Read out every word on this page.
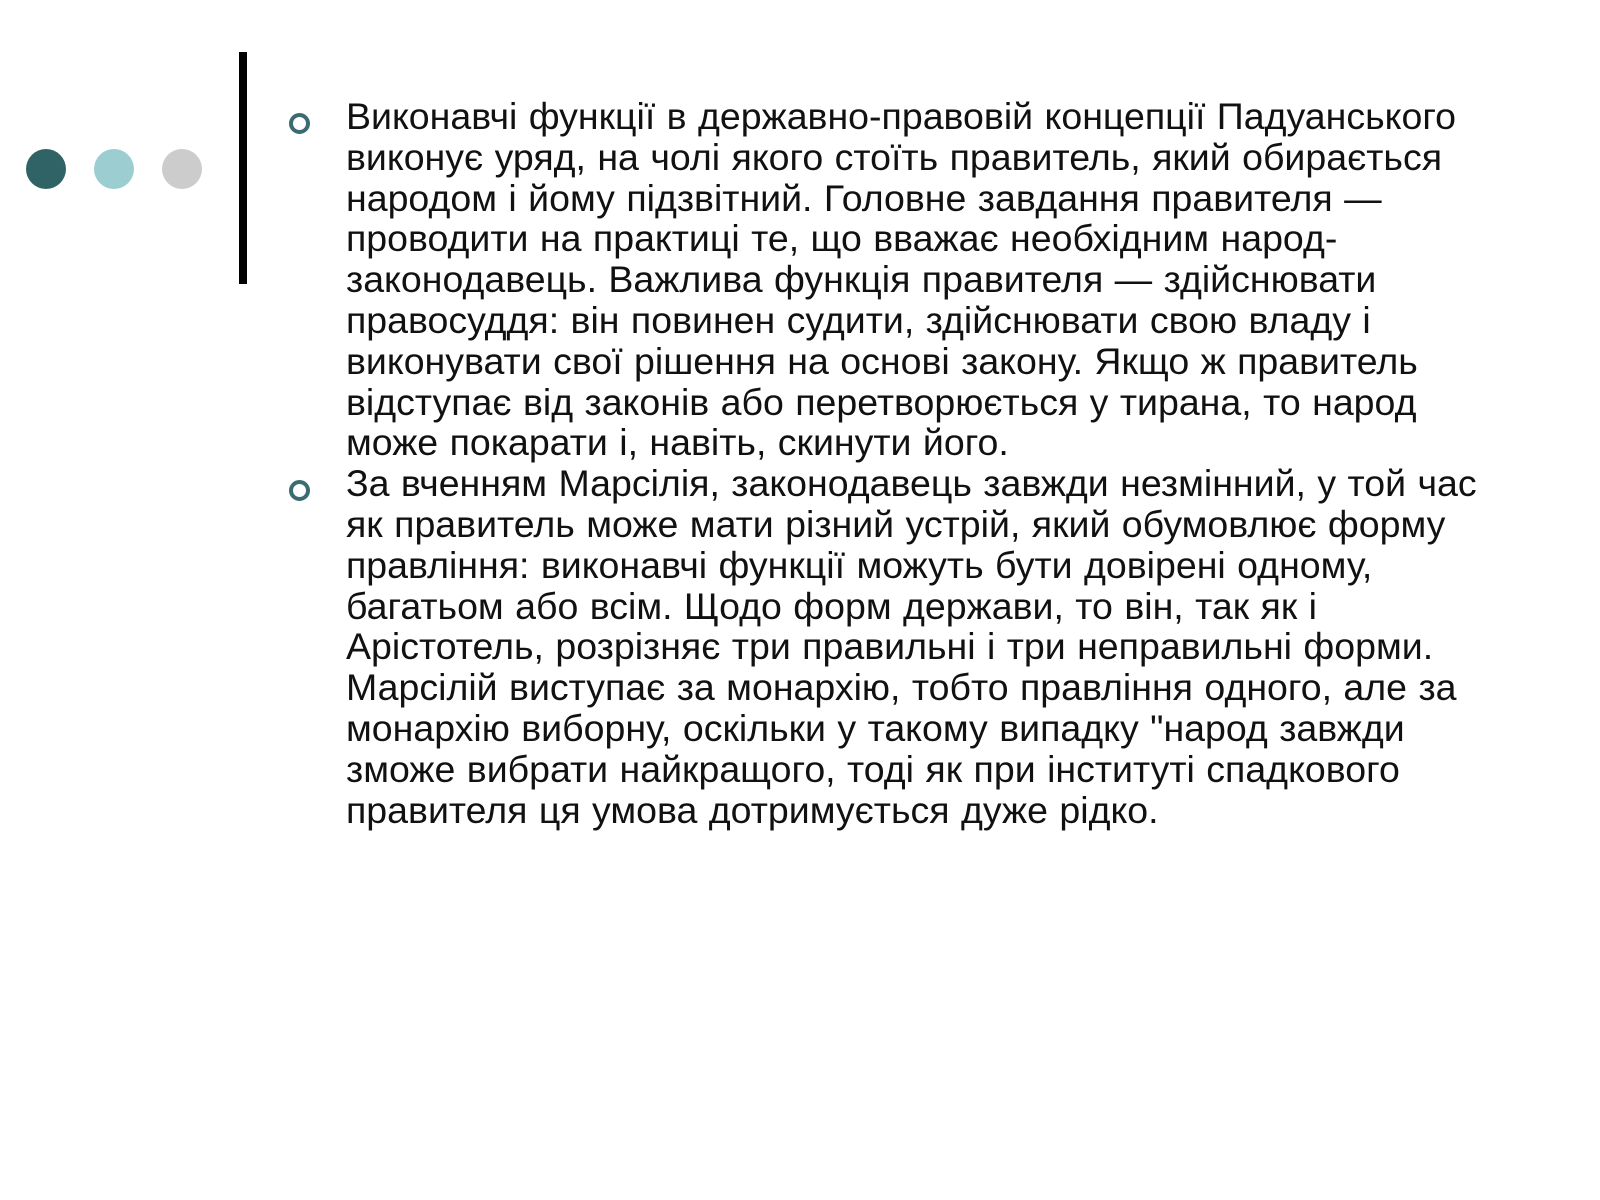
Виконавчі функції в державно-правовій концепції Падуанського виконує уряд, на чолі якого стоїть правитель, який обирається народом і йому підзвітний. Головне завдання правителя — проводити на практиці те, що вважає необхідним народ-законодавець. Важлива функція правителя — здійснювати правосуддя: він повинен судити, здійснювати свою владу і виконувати свої рішення на основі закону. Якщо ж правитель відступає від законів або перетворюється у тирана, то народ може покарати і, навіть, скинути його.

За вченням Марсілія, законодавець завжди незмінний, у той час як правитель може мати різний устрій, який обумовлює форму правління: виконавчі функції можуть бути довірені одному, багатьом або всім. Щодо форм держави, то він, так як і Арістотель, розрізняє три правильні і три неправильні форми. Марсілій виступає за монархію, тобто правління одного, але за монархію виборну, оскільки у такому випадку "народ завжди зможе вибрати найкращого, тоді як при інституті спадкового правителя ця умова дотримується дуже рідко.
